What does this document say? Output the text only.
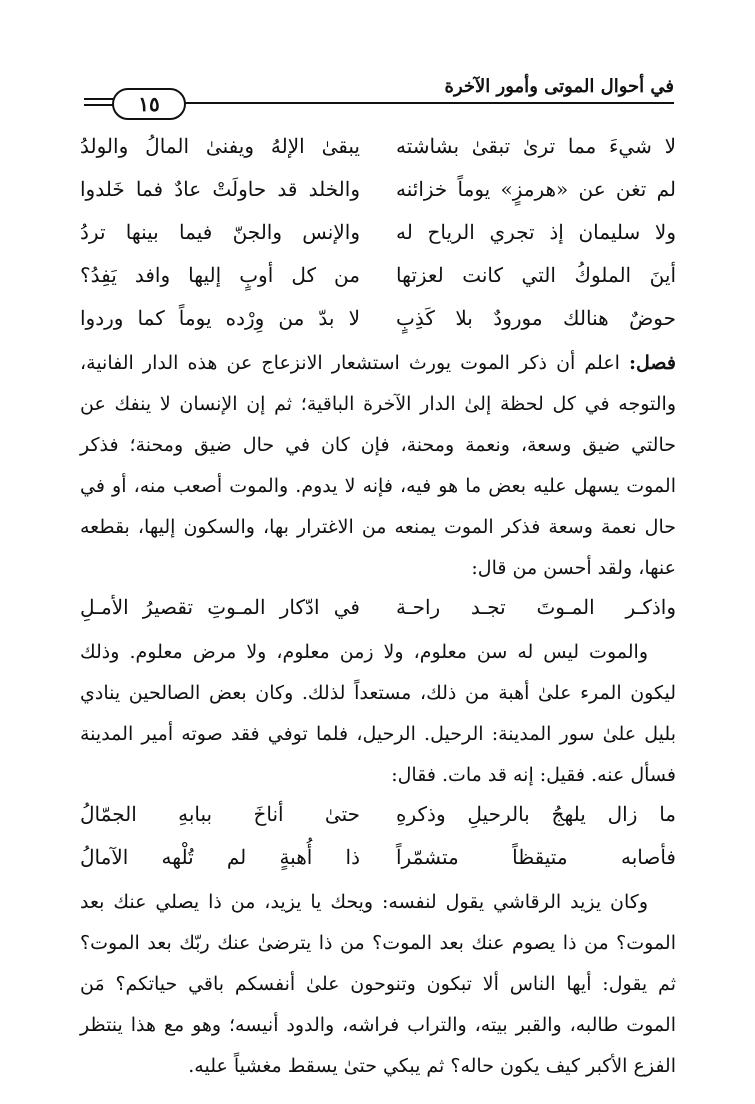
في أحوال الموتى وأمور الآخرة
١٥
لا شيءَ مما ترىٰ تبقىٰ بشاشته
يبقىٰ الإلهُ ويفنىٰ المالُ والولدُ
لم تغن عن «هرمزٍ» يوماً خزائنه
والخلد قد حاولَتْ عادٌ فما خَلدوا
ولا سليمان إذ تجري الرياح له
والإنس والجنّ فيما بينها تردُ
أينَ الملوكُ التي كانت لعزتها
من كل أوبٍ إليها وافد يَفِدُ؟
حوضٌ هنالك مورودٌ بلا كَذِبٍ
لا بدّ من وِرْده يوماً كما وردوا

فصل: اعلم أن ذكر الموت يورث استشعار الانزعاج عن هذه الدار الفانية، والتوجه في كل لحظة إلىٰ الدار الآخرة الباقية؛ ثم إن الإنسان لا ينفك عن حالتي ضيق وسعة، ونعمة ومحنة، فإن كان في حال ضيق ومحنة؛ فذكر الموت يسهل عليه بعض ما هو فيه، فإنه لا يدوم. والموت أصعب منه، أو في حال نعمة وسعة فذكر الموت يمنعه من الاغترار بها، والسكون إليها، بقطعه عنها، ولقد أحسن من قال:

واذكـر المـوتَ تجـد راحـة
في ادّكار المـوتِ تقصيرُ الأمـلِ

والموت ليس له سن معلوم، ولا زمن معلوم، ولا مرض معلوم. وذلك ليكون المرء علىٰ أهبة من ذلك، مستعداً لذلك. وكان بعض الصالحين ينادي بليل علىٰ سور المدينة: الرحيل. الرحيل، فلما توفي فقد صوته أمير المدينة فسأل عنه. فقيل: إنه قد مات. فقال:

ما زال يلهجُ بالرحيلِ وذكرهِ
حتىٰ أناخَ ببابهِ الجمّالُ
فأصابه متيقظاً متشمّراً
ذا أُهبةٍ لم تُلْهه الآمالُ

وكان يزيد الرقاشي يقول لنفسه: ويحك يا يزيد، من ذا يصلي عنك بعد الموت؟ من ذا يصوم عنك بعد الموت؟ من ذا يترضىٰ عنك ربّك بعد الموت؟ ثم يقول: أيها الناس ألا تبكون وتنوحون علىٰ أنفسكم باقي حياتكم؟ مَن الموت طالبه، والقبر بيته، والتراب فراشه، والدود أنيسه؛ وهو مع هذا ينتظر الفزع الأكبر كيف يكون حاله؟ ثم يبكي حتىٰ يسقط مغشياً عليه.
